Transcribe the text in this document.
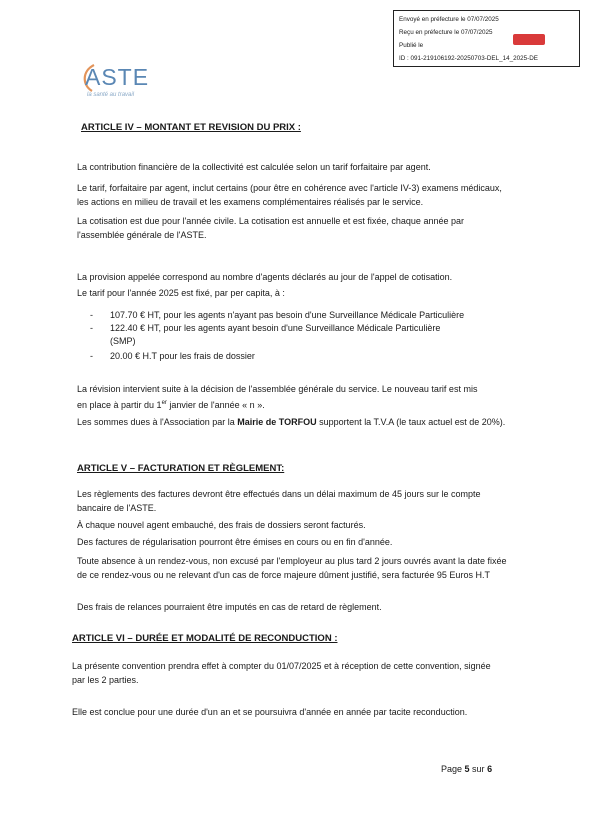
Envoyé en préfecture le 07/07/2025
Reçu en préfecture le 07/07/2025
Publié le
ID : 091-219106192-20250703-DEL_14_2025-DE

ASTE
la santé au travail
ARTICLE IV – MONTANT ET REVISION DU PRIX :
La contribution financière de la collectivité est calculée selon un tarif forfaitaire par agent.
Le tarif, forfaitaire par agent, inclut certains (pour être en cohérence avec l'article IV-3) examens médicaux, les actions en milieu de travail et les examens complémentaires réalisés par le service.
La cotisation est due pour l'année civile. La cotisation est annuelle et est fixée, chaque année par l'assemblée générale de l'ASTE.
La provision appelée correspond au nombre d'agents déclarés au jour de l'appel de cotisation.
Le tarif pour l'année 2025 est fixé, par per capita, à :
- 107.70 € HT, pour les agents n'ayant pas besoin d'une Surveillance Médicale Particulière
- 122.40 € HT, pour les agents ayant besoin d'une Surveillance Médicale Particulière
(SMP)
- 20.00 € H.T pour les frais de dossier
La révision intervient suite à la décision de l'assemblée générale du service. Le nouveau tarif est mis
en place à partir du 1er janvier de l'année « n ».
Les sommes dues à l'Association par la Mairie de TORFOU supportent la T.V.A (le taux actuel est de 20%).
ARTICLE V – FACTURATION ET RÈGLEMENT:
Les règlements des factures devront être effectués dans un délai maximum de 45 jours sur le compte bancaire de l'ASTE.
À chaque nouvel agent embauché, des frais de dossiers seront facturés.
Des factures de régularisation pourront être émises en cours ou en fin d'année.
Toute absence à un rendez-vous, non excusé par l'employeur au plus tard 2 jours ouvrés avant la date fixée de ce rendez-vous ou ne relevant d'un cas de force majeure dûment justifié, sera facturée 95 Euros H.T
Des frais de relances pourraient être imputés en cas de retard de règlement.
ARTICLE VI – DURÉE ET MODALITÉ DE RECONDUCTION :
La présente convention prendra effet à compter du 01/07/2025 et à réception de cette convention, signée par les 2 parties.
Elle est conclue pour une durée d'un an et se poursuivra d'année en année par tacite reconduction.
Page 5 sur 6
